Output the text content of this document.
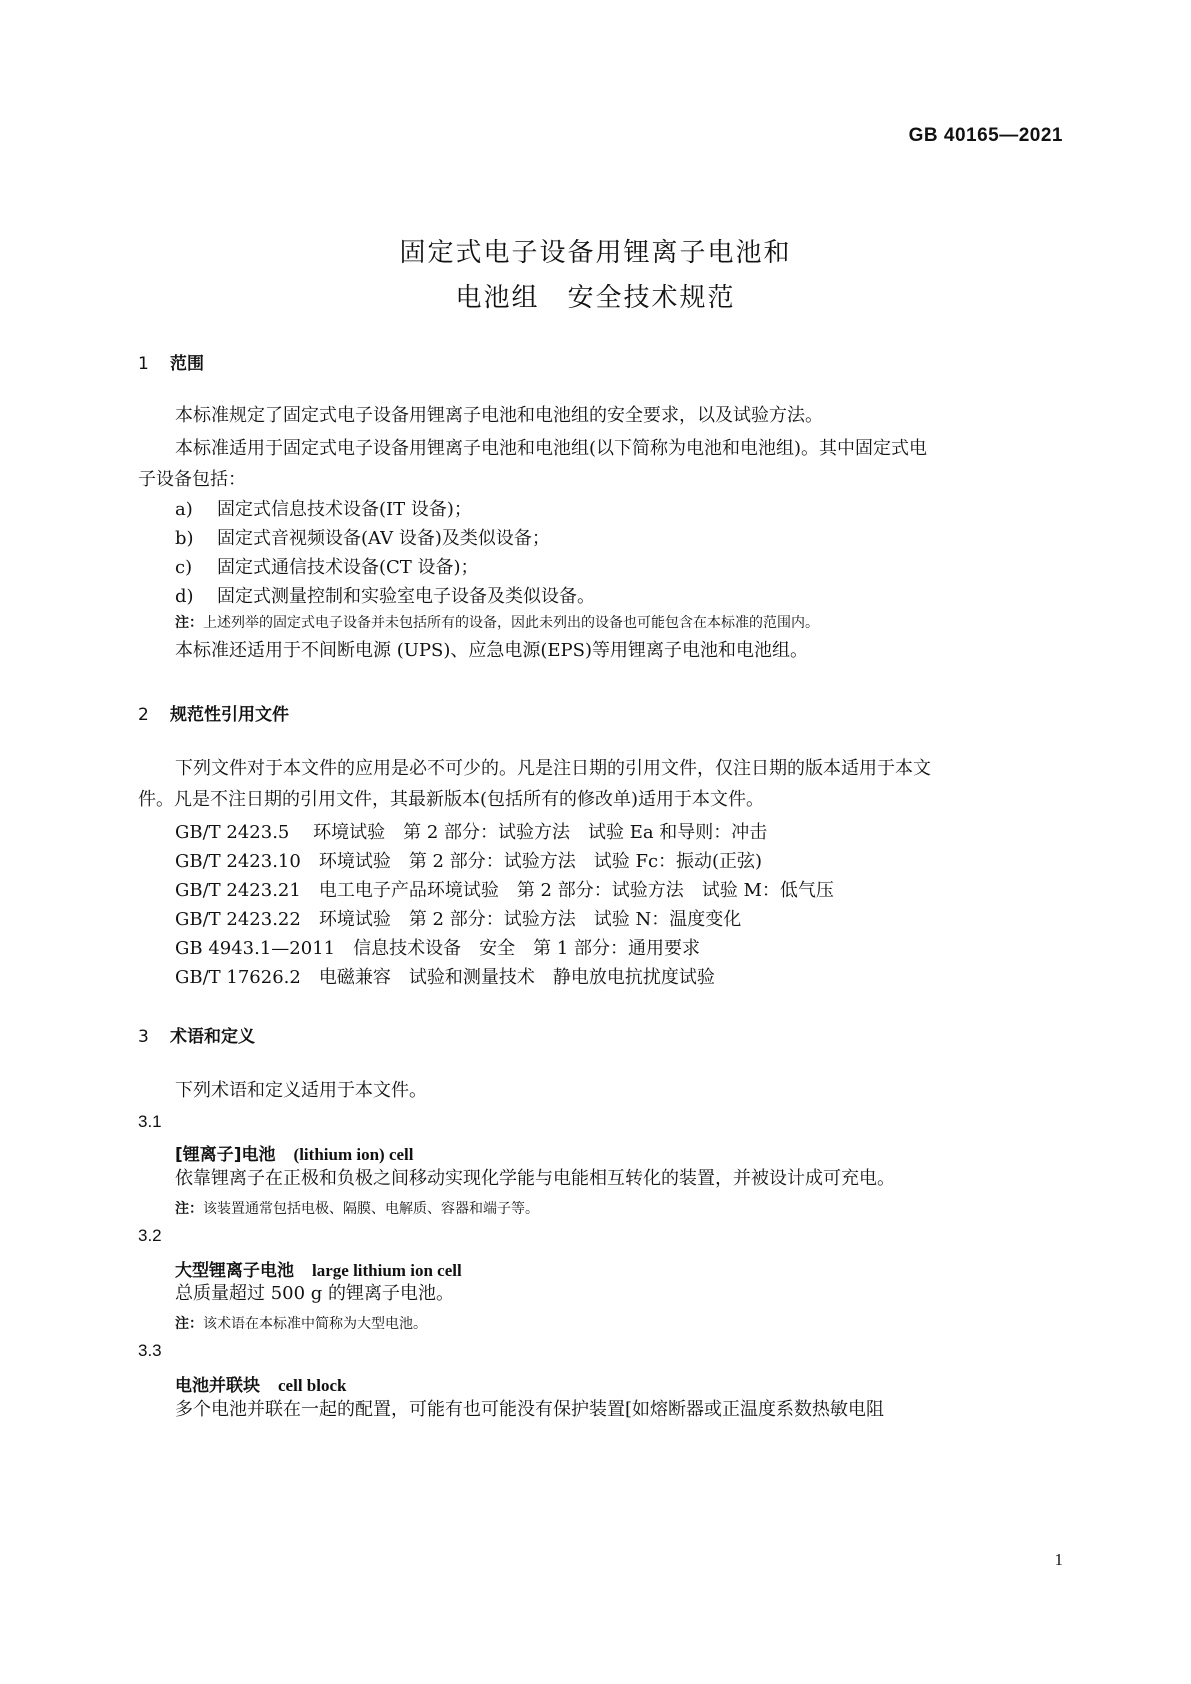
GB 40165—2021
固定式电子设备用锂离子电池和
电池组　安全技术规范
1 范围
本标准规定了固定式电子设备用锂离子电池和电池组的安全要求，以及试验方法。
本标准适用于固定式电子设备用锂离子电池和电池组(以下简称为电池和电池组)。其中固定式电
子设备包括：
a) 固定式信息技术设备(IT 设备)；
b) 固定式音视频设备(AV 设备)及类似设备；
c) 固定式通信技术设备(CT 设备)；
d) 固定式测量控制和实验室电子设备及类似设备。
注：上述列举的固定式电子设备并未包括所有的设备，因此未列出的设备也可能包含在本标准的范围内。
本标准还适用于不间断电源 (UPS)、应急电源(EPS)等用锂离子电池和电池组。
2 规范性引用文件
下列文件对于本文件的应用是必不可少的。凡是注日期的引用文件，仅注日期的版本适用于本文
件。凡是不注日期的引用文件，其最新版本(包括所有的修改单)适用于本文件。
GB/T 2423.5　 环境试验　第 2 部分：试验方法　试验 Ea 和导则：冲击
GB/T 2423.10　环境试验　第 2 部分：试验方法　试验 Fc：振动(正弦)
GB/T 2423.21　电工电子产品环境试验　第 2 部分：试验方法　试验 M：低气压
GB/T 2423.22　环境试验　第 2 部分：试验方法　试验 N：温度变化
GB 4943.1—2011　信息技术设备　安全　第 1 部分：通用要求
GB/T 17626.2　电磁兼容　试验和测量技术　静电放电抗扰度试验
3 术语和定义
下列术语和定义适用于本文件。
3.1
[锂离子]电池 (lithium ion) cell
依靠锂离子在正极和负极之间移动实现化学能与电能相互转化的装置，并被设计成可充电。
注：该装置通常包括电极、隔膜、电解质、容器和端子等。
3.2
大型锂离子电池 large lithium ion cell
总质量超过 500 g 的锂离子电池。
注：该术语在本标准中简称为大型电池。
3.3
电池并联块 cell block
多个电池并联在一起的配置，可能有也可能没有保护装置[如熔断器或正温度系数热敏电阻
1
